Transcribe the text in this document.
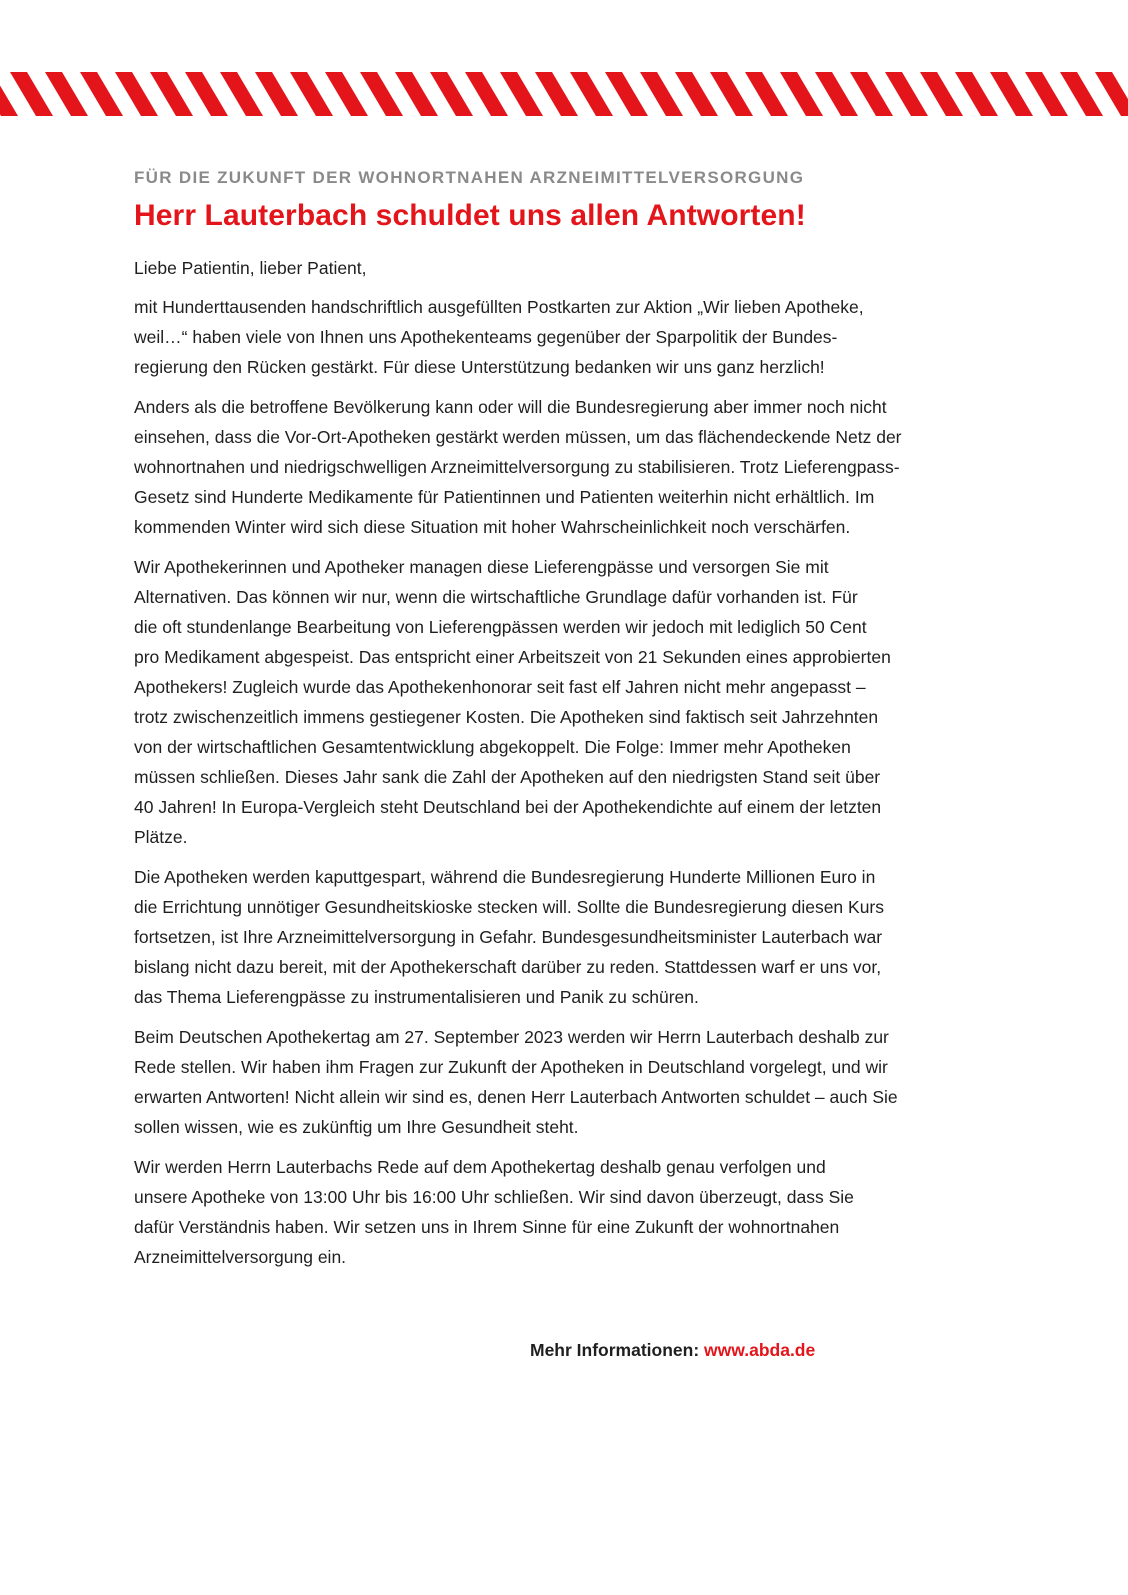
FÜR DIE ZUKUNFT DER WOHNORTNAHEN ARZNEIMITTELVERSORGUNG
Herr Lauterbach schuldet uns allen Antworten!
Liebe Patientin, lieber Patient,
mit Hunderttausenden handschriftlich ausgefüllten Postkarten zur Aktion „Wir lieben Apotheke,
weil…“ haben viele von Ihnen uns Apothekenteams gegenüber der Sparpolitik der Bundes-
regierung den Rücken gestärkt. Für diese Unterstützung bedanken wir uns ganz herzlich!
Anders als die betroffene Bevölkerung kann oder will die Bundesregierung aber immer noch nicht
einsehen, dass die Vor-Ort-Apotheken gestärkt werden müssen, um das flächendeckende Netz der
wohnortnahen und niedrigschwelligen Arzneimittelversorgung zu stabilisieren. Trotz Lieferengpass-
Gesetz sind Hunderte Medikamente für Patientinnen und Patienten weiterhin nicht erhältlich. Im
kommenden Winter wird sich diese Situation mit hoher Wahrscheinlichkeit noch verschärfen.
Wir Apothekerinnen und Apotheker managen diese Lieferengpässe und versorgen Sie mit
Alternativen. Das können wir nur, wenn die wirtschaftliche Grundlage dafür vorhanden ist. Für
die oft stundenlange Bearbeitung von Lieferengpässen werden wir jedoch mit lediglich 50 Cent
pro Medikament abgespeist. Das entspricht einer Arbeitszeit von 21 Sekunden eines approbierten
Apothekers! Zugleich wurde das Apothekenhonorar seit fast elf Jahren nicht mehr angepasst –
trotz zwischenzeitlich immens gestiegener Kosten. Die Apotheken sind faktisch seit Jahrzehnten
von der wirtschaftlichen Gesamtentwicklung abgekoppelt. Die Folge: Immer mehr Apotheken
müssen schließen. Dieses Jahr sank die Zahl der Apotheken auf den niedrigsten Stand seit über
40 Jahren! In Europa-Vergleich steht Deutschland bei der Apothekendichte auf einem der letzten
Plätze.
Die Apotheken werden kaputtgespart, während die Bundesregierung Hunderte Millionen Euro in
die Errichtung unnötiger Gesundheitskioske stecken will. Sollte die Bundesregierung diesen Kurs
fortsetzen, ist Ihre Arzneimittelversorgung in Gefahr. Bundesgesundheitsminister Lauterbach war
bislang nicht dazu bereit, mit der Apothekerschaft darüber zu reden. Stattdessen warf er uns vor,
das Thema Lieferengpässe zu instrumentalisieren und Panik zu schüren.
Beim Deutschen Apothekertag am 27. September 2023 werden wir Herrn Lauterbach deshalb zur
Rede stellen. Wir haben ihm Fragen zur Zukunft der Apotheken in Deutschland vorgelegt, und wir
erwarten Antworten! Nicht allein wir sind es, denen Herr Lauterbach Antworten schuldet – auch Sie
sollen wissen, wie es zukünftig um Ihre Gesundheit steht.
Wir werden Herrn Lauterbachs Rede auf dem Apothekertag deshalb genau verfolgen und
unsere Apotheke von 13:00 Uhr bis 16:00 Uhr schließen. Wir sind davon überzeugt, dass Sie
dafür Verständnis haben. Wir setzen uns in Ihrem Sinne für eine Zukunft der wohnortnahen
Arzneimittelversorgung ein.
Mehr Informationen: www.abda.de
